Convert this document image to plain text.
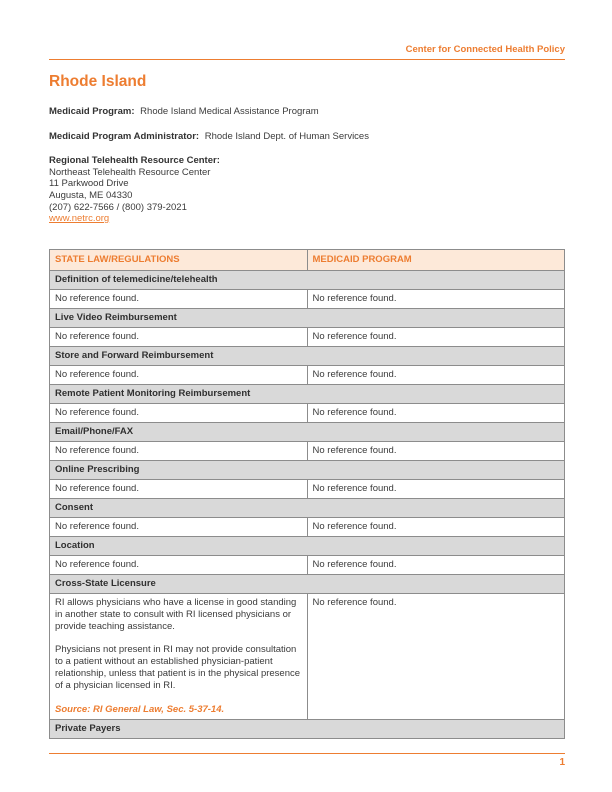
Center for Connected Health Policy
Rhode Island
Medicaid Program: Rhode Island Medical Assistance Program
Medicaid Program Administrator: Rhode Island Dept. of Human Services
Regional Telehealth Resource Center:
Northeast Telehealth Resource Center
11 Parkwood Drive
Augusta, ME 04330
(207) 622-7566 / (800) 379-2021
www.netrc.org
STATE LAW/REGULATIONS	MEDICAID PROGRAM
Definition of telemedicine/telehealth	

No reference found.	No reference found.

Live Video Reimbursement	

No reference found.	No reference found.

Store and Forward Reimbursement	

No reference found.	No reference found.

Remote Patient Monitoring Reimbursement	

No reference found.	No reference found.

Email/Phone/FAX	

No reference found.	No reference found.

Online Prescribing	

No reference found.	No reference found.

Consent	

No reference found.	No reference found.

Location	

No reference found.	No reference found.

Cross-State Licensure	

RI allows physicians who have a license in good standing in another state to consult with RI licensed physicians or provide teaching assistance.

Physicians not present in RI may not provide consultation to a patient without an established physician-patient relationship, unless that patient is in the physical presence of a physician licensed in RI.

Source: RI General Law, Sec. 5-37-14.	No reference found.

Private Payers	
1
